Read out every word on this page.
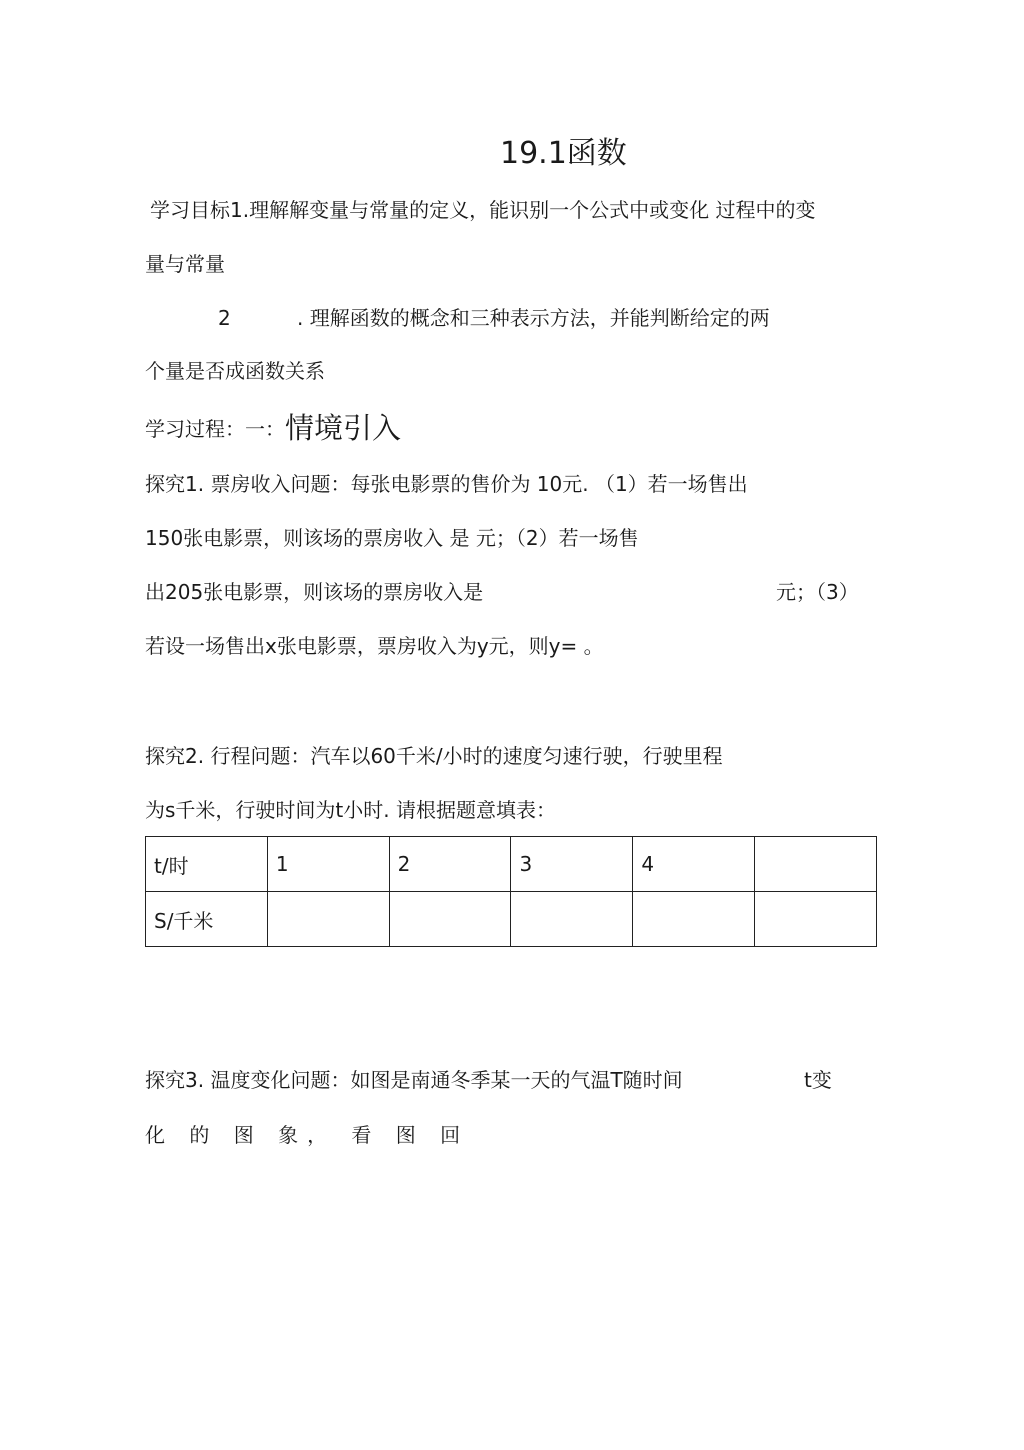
19.1函数

学习目标1.理解解变量与常量的定义，能识别一个公式中或变化 过程中的变

量与常量

2	. 理解函数的概念和三种表示方法，并能判断给定的两

个量是否成函数关系

学习过程：一：情境引入

探究1. 票房收入问题：每张电影票的售价为 10元. （1）若一场售出

150张电影票，则该场的票房收入 是 元；（2）若一场售

出205张电影票，则该场的票房收入是	元；（3）

若设一场售出x张电影票，票房收入为y元，则y= 。

探究2. 行程问题：汽车以60千米/小时的速度匀速行驶，行驶里程

为s千米，行驶时间为t小时. 请根据题意填表：

t/时	1	2	3	4	
S/千米					

探究3. 温度变化问题：如图是南通冬季某一天的气温T随时间	t变

化 的 图 象， 看 图 回
